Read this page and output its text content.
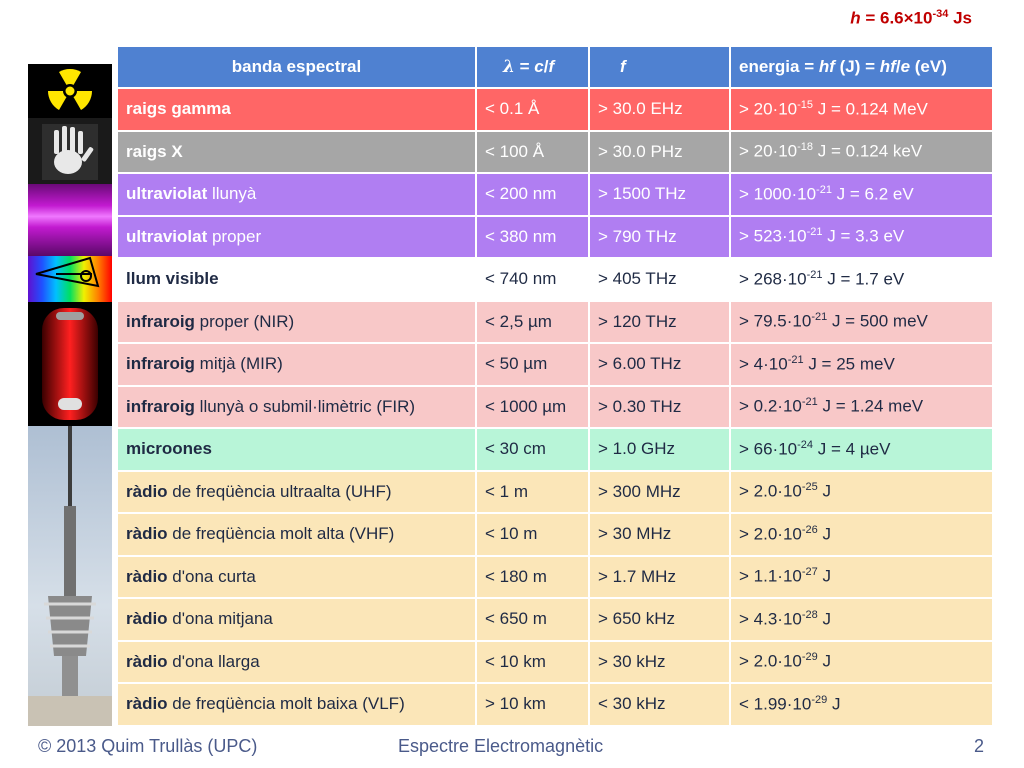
$h = 6.6\times 10^{-34}$ Js
banda espectral	λ = c/f	f	energia = hf (J) = hf/e (eV)
raigs gamma	< 0.1 Å	> 30.0 EHz	> $20\cdot 10^{-15}$ J = 0.124 MeV
raigs X	< 100 Å	> 30.0 PHz	> $20\cdot 10^{-18}$ J = 0.124 keV
ultraviolat llunyà	< 200 nm	> 1500 THz	> $1000\cdot 10^{-21}$ J = 6.2 eV
ultraviolat proper	< 380 nm	> 790 THz	> $523\cdot 10^{-21}$ J = 3.3 eV
llum visible	< 740 nm	> 405 THz	> $268\cdot 10^{-21}$ J = 1.7 eV
infraroig proper (NIR)	< 2,5 µm	> 120 THz	> $79.5\cdot 10^{-21}$ J = 500 meV
infraroig mitjà (MIR)	< 50 µm	> 6.00 THz	> $4\cdot 10^{-21}$ J = 25 meV
infraroig llunyà o submil·limètric (FIR)	< 1000 µm	> 0.30 THz	> $0.2\cdot 10^{-21}$ J = 1.24 meV
microones	< 30 cm	> 1.0 GHz	> $66\cdot 10^{-24}$ J = 4 µeV
ràdio de freqüència ultraalta (UHF)	< 1 m	> 300 MHz	> $2.0\cdot 10^{-25}$ J
ràdio de freqüència molt alta (VHF)	< 10 m	> 30 MHz	> $2.0\cdot 10^{-26}$ J
ràdio d'ona curta	< 180 m	> 1.7 MHz	> $1.1\cdot 10^{-27}$ J
ràdio d'ona mitjana	< 650 m	> 650 kHz	> $4.3\cdot 10^{-28}$ J
ràdio d'ona llarga	< 10 km	> 30 kHz	> $2.0\cdot 10^{-29}$ J
ràdio de freqüència molt baixa (VLF)	> 10 km	< 30 kHz	< $1.99\cdot 10^{-29}$ J
© 2013 Quim Trullàs (UPC)	Espectre Electromagnètic	2
